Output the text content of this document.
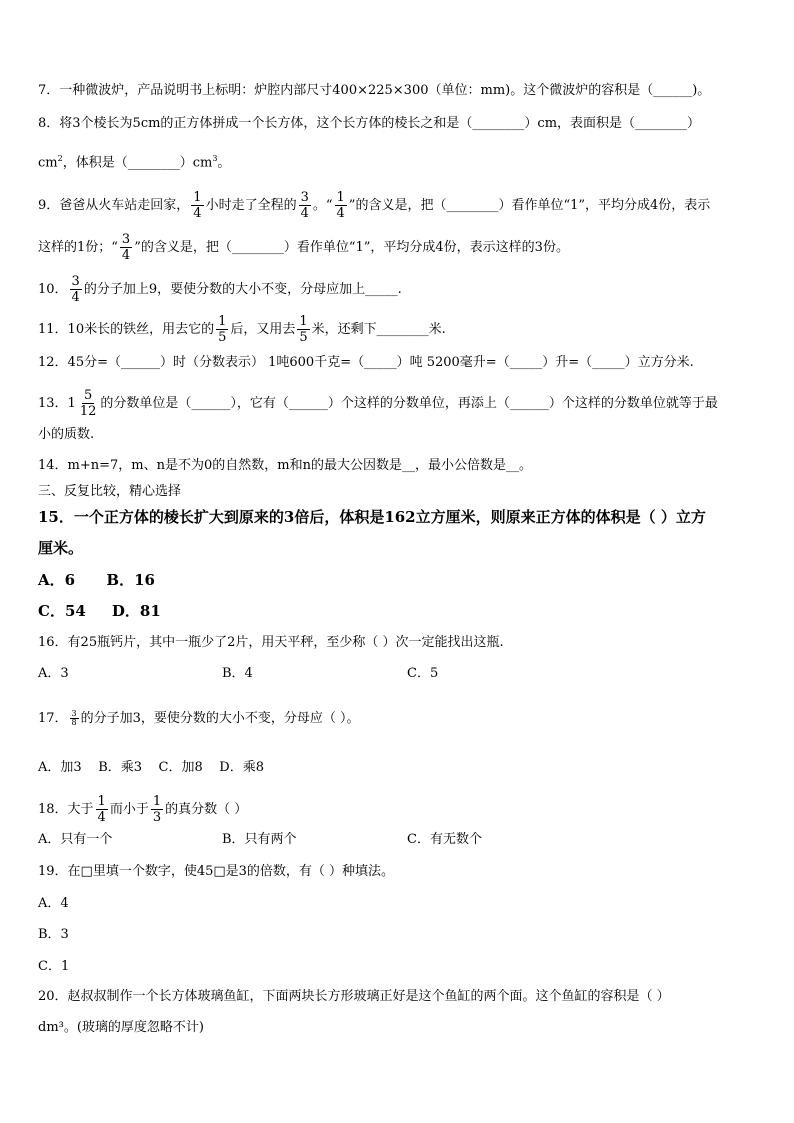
7．一种微波炉，产品说明书上标明：炉腔内部尺寸400×225×300（单位：mm)。这个微波炉的容积是（______)。
8．将3个棱长为5cm的正方体拼成一个长方体，这个长方体的棱长之和是（________）cm，表面积是（________）
$cm^2$，体积是$(\_\_\_\_\_\_\_\_)cm^3$。
9．爸爸从火车站走回家， $\frac{1}{4}$ 小时走了全程的 $\frac{3}{4}$ 。“ $\frac{1}{4}$ ”的含义是，把（________）看作单位“1”，平均分成4份，表示
这样的1份；“ $\frac{3}{4}$ ”的含义是，把（________）看作单位“1”，平均分成4份，表示这样的3份。
10． $\frac{3}{4}$ 的分子加上9，要使分数的大小不变，分母应加上_____.
11．10米长的铁丝，用去它的 $\frac{1}{5}$ 后，又用去 $\frac{1}{5}$ 米，还剩下________米.
12．45分=（______）时（分数表示） 1吨600千克=（_____）吨 5200毫升=（_____）升=（_____）立方分米.
13． $1 \frac{5}{12}$ 的分数单位是（______），它有（______）个这样的分数单位，再添上（______）个这样的分数单位就等于最
小的质数.
14．m+n=7，m、n是不为0的自然数，m和n的最大公因数是__，最小公倍数是__。
三、反复比较，精心选择
15．一个正方体的棱长扩大到原来的3倍后，体积是162立方厘米，则原来正方体的体积是（ ）立方
厘米。
A．6      B．16
C．54     D．81
16．有25瓶钙片，其中一瓶少了2片，用天平秤，至少称（ ）次一定能找出这瓶.
A．3	B．4	C．5
17． $\frac{3}{8}$ 的分子加3，要使分数的大小不变，分母应（ ）。
A．加3    B．乘3    C．加8    D．乘8
18．大于 $\frac{1}{4}$ 而小于 $\frac{1}{3}$ 的真分数（ ）
A．只有一个	B．只有两个	C．有无数个
19．在□里填一个数字，使45□是3的倍数，有（ ）种填法。
A．4
B．3
C．1
20．赵叔叔制作一个长方体玻璃鱼缸，下面两块长方形玻璃正好是这个鱼缸的两个面。这个鱼缸的容积是（ ）
dm³。(玻璃的厚度忽略不计)
